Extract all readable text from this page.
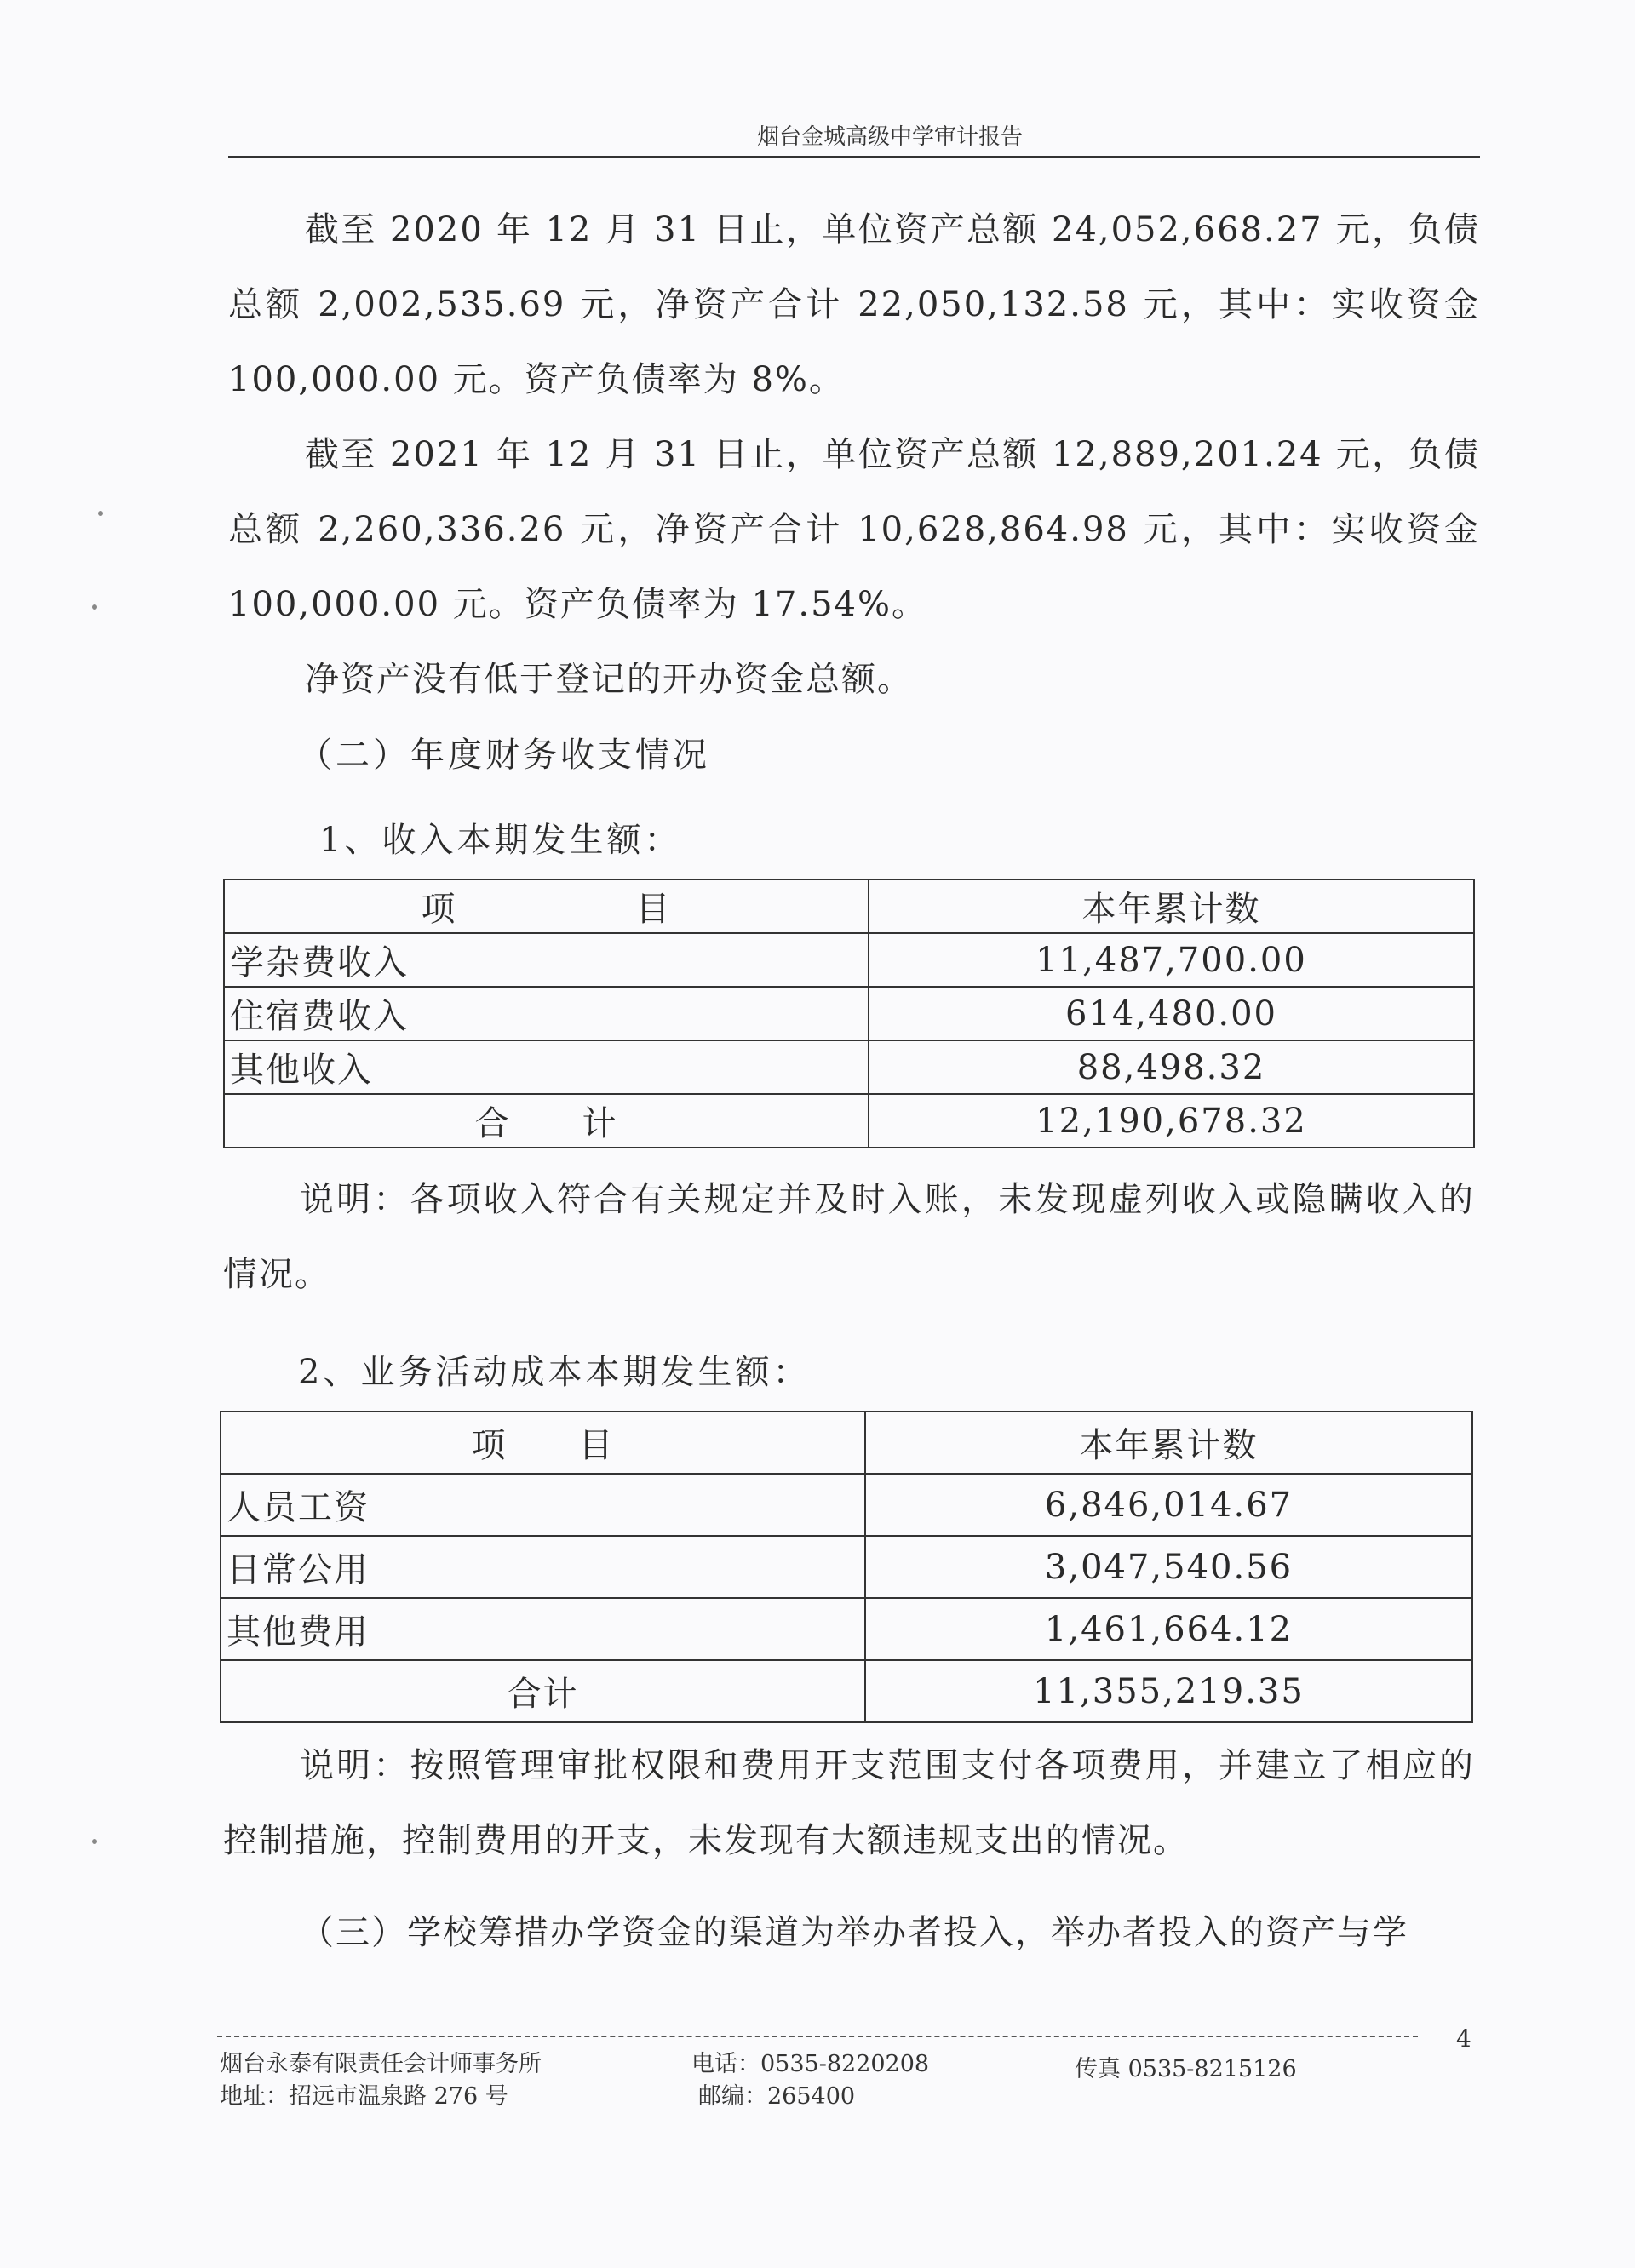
烟台金城高级中学审计报告

截至 2020 年 12 月 31 日止，单位资产总额 24,052,668.27 元，负债总额 2,002,535.69 元，净资产合计 22,050,132.58 元，其中：实收资金 100,000.00 元。资产负债率为 8%。

截至 2021 年 12 月 31 日止，单位资产总额 12,889,201.24 元，负债总额 2,260,336.26 元，净资产合计 10,628,864.98 元，其中：实收资金 100,000.00 元。资产负债率为 17.54%。

净资产没有低于登记的开办资金总额。

（二）年度财务收支情况

1、收入本期发生额：

项　　　　　目	本年累计数
学杂费收入	11,487,700.00
住宿费收入	614,480.00
其他收入	88,498.32
合　　计	12,190,678.32

说明：各项收入符合有关规定并及时入账，未发现虚列收入或隐瞒收入的情况。

2、业务活动成本本期发生额：

项　　目	本年累计数
人员工资	6,846,014.67
日常公用	3,047,540.56
其他费用	1,461,664.12
合计	11,355,219.35

说明：按照管理审批权限和费用开支范围支付各项费用，并建立了相应的控制措施，控制费用的开支，未发现有大额违规支出的情况。

（三）学校筹措办学资金的渠道为举办者投入，举办者投入的资产与学

4
烟台永泰有限责任会计师事务所
地址：招远市温泉路 276 号
电话：0535-8220208
邮编：265400
传真 0535-8215126
